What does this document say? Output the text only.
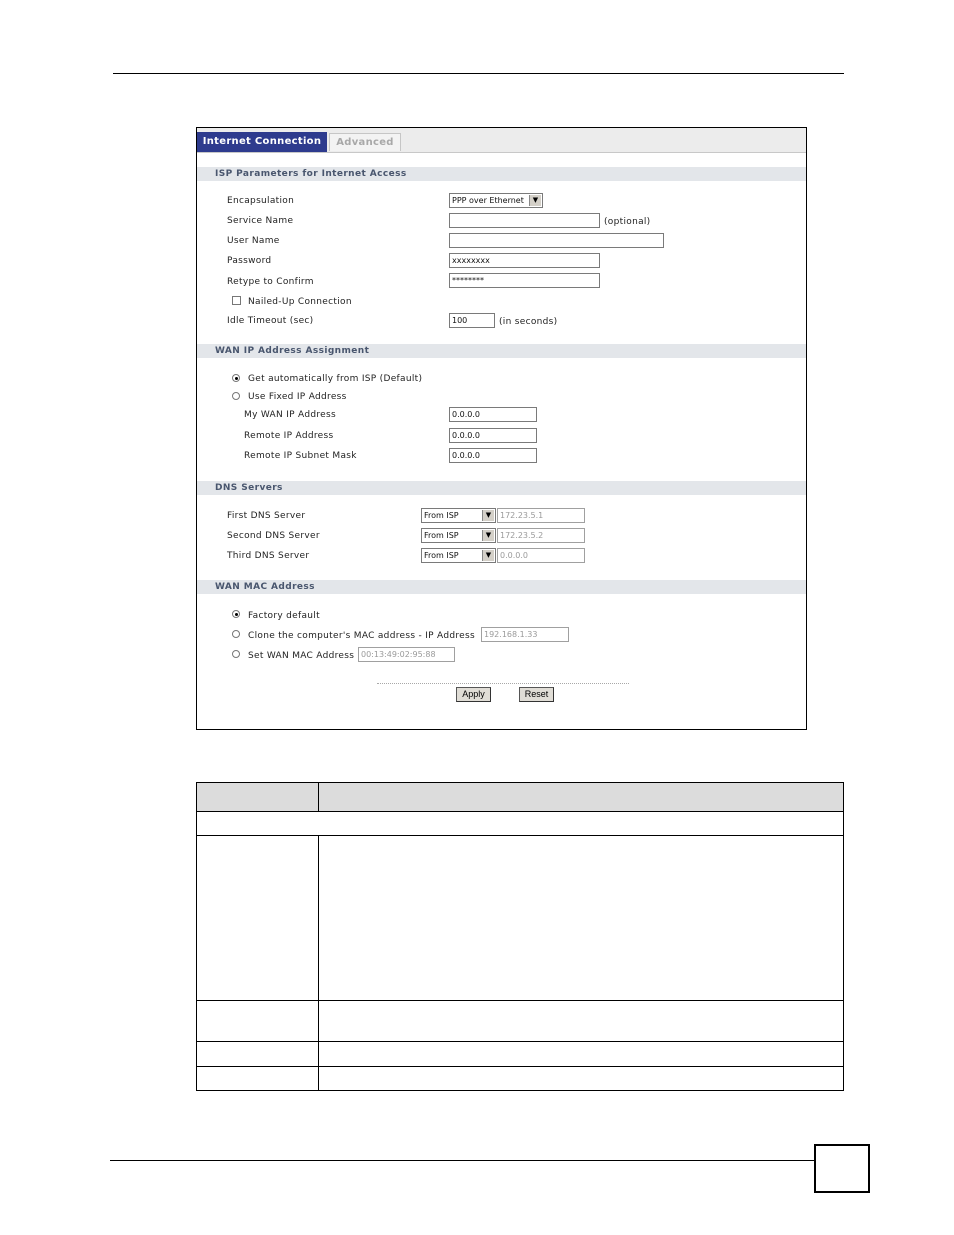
Internet Connection	Advanced
ISP Parameters for Internet Access
Encapsulation	PPP over Ethernet	▼
Service Name	(optional)
User Name
Password	xxxxxxxx
Retype to Confirm	********
Nailed-Up Connection
Idle Timeout (sec)	100	(in seconds)
WAN IP Address Assignment
Get automatically from ISP (Default)
Use Fixed IP Address
My WAN IP Address	0.0.0.0
Remote IP Address	0.0.0.0
Remote IP Subnet Mask	0.0.0.0
DNS Servers
First DNS Server	From ISP	▼	172.23.5.1
Second DNS Server	From ISP	▼	172.23.5.2
Third DNS Server	From ISP	▼	0.0.0.0
WAN MAC Address
Factory default
Clone the computer's MAC address - IP Address	192.168.1.33
Set WAN MAC Address 00:13:49:02:95:88
Apply	Reset
